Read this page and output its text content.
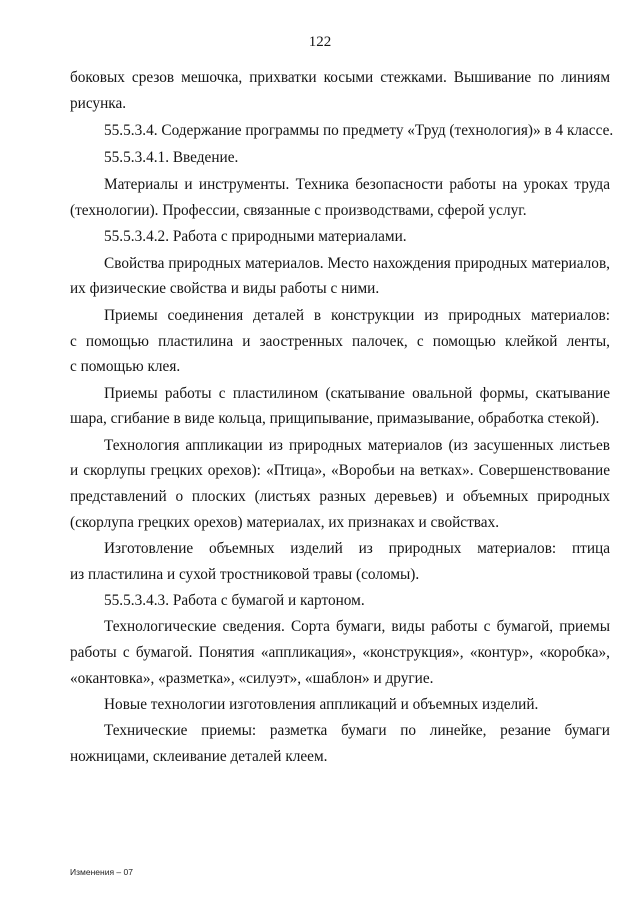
122
боковых срезов мешочка, прихватки косыми стежками. Вышивание по линиям
рисунка.
55.5.3.4. Содержание программы по предмету «Труд (технология)» в 4 классе.
55.5.3.4.1. Введение.
Материалы и инструменты. Техника безопасности работы на уроках труда
(технологии). Профессии, связанные с производствами, сферой услуг.
55.5.3.4.2. Работа с природными материалами.
Свойства природных материалов. Место нахождения природных материалов,
их физические свойства и виды работы с ними.
Приемы соединения деталей в конструкции из природных материалов:
с помощью пластилина и заостренных палочек, с помощью клейкой ленты,
с помощью клея.
Приемы работы с пластилином (скатывание овальной формы, скатывание
шара, сгибание в виде кольца, прищипывание, примазывание, обработка стекой).
Технология аппликации из природных материалов (из засушенных листьев
и скорлупы грецких орехов): «Птица», «Воробьи на ветках». Совершенствование
представлений о плоских (листьях разных деревьев) и объемных природных
(скорлупа грецких орехов) материалах, их признаках и свойствах.
Изготовление объемных изделий из природных материалов: птица
из пластилина и сухой тростниковой травы (соломы).
55.5.3.4.3. Работа с бумагой и картоном.
Технологические сведения. Сорта бумаги, виды работы с бумагой, приемы
работы с бумагой. Понятия «аппликация», «конструкция», «контур», «коробка»,
«окантовка», «разметка», «силуэт», «шаблон» и другие.
Новые технологии изготовления аппликаций и объемных изделий.
Технические приемы: разметка бумаги по линейке, резание бумаги
ножницами, склеивание деталей клеем.
Изменения – 07
